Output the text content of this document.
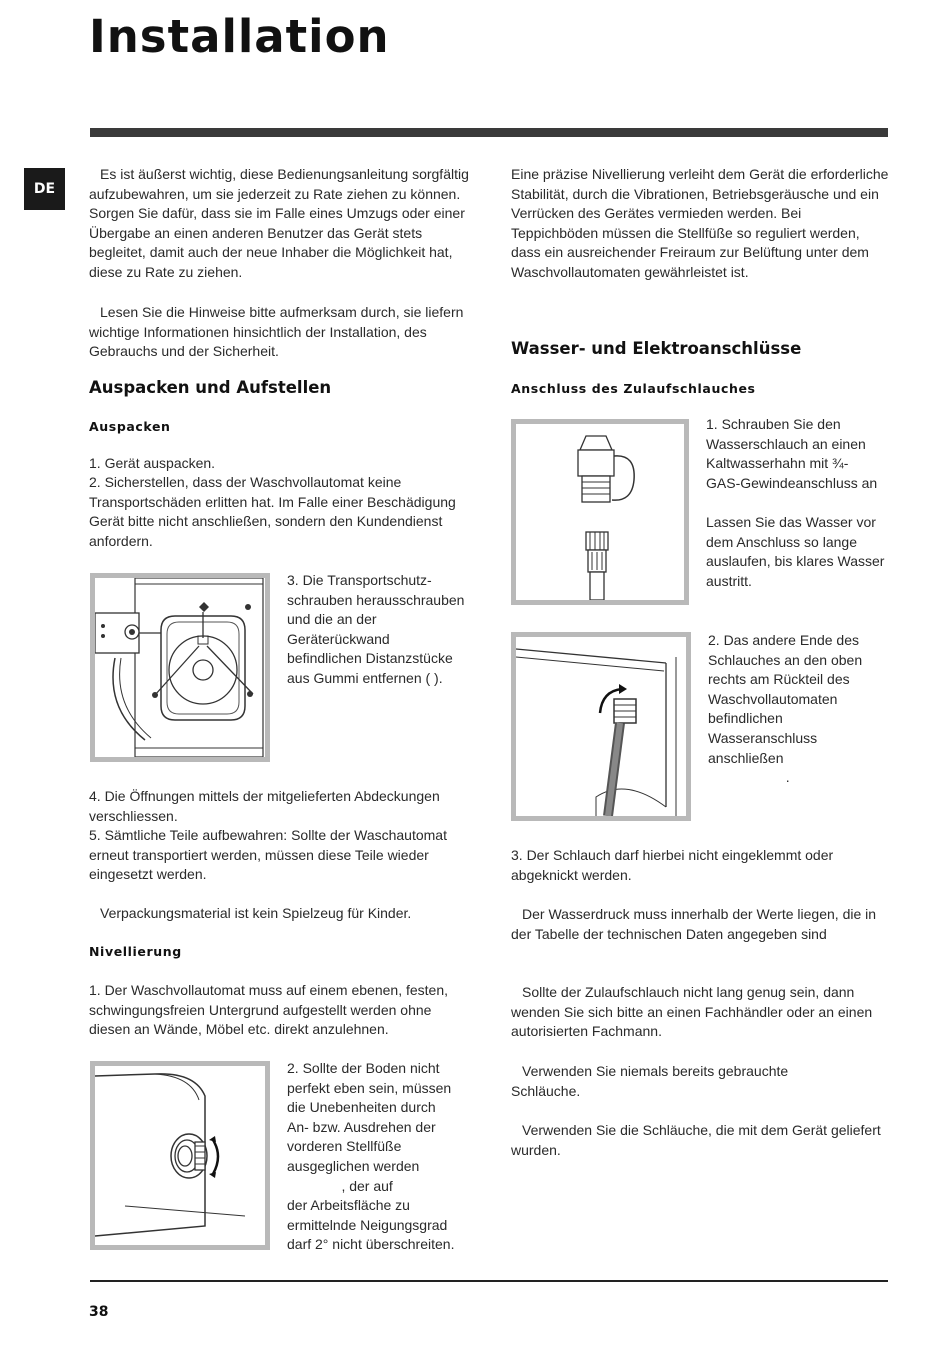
Installation
DE

Es ist äußerst wichtig, diese Bedienungsanleitung sorgfältig aufzubewahren, um sie jederzeit zu Rate ziehen zu können. Sorgen Sie dafür, dass sie im Falle eines Umzugs oder einer Übergabe an einen anderen Benutzer das Gerät stets begleitet, damit auch der neue Inhaber die Möglichkeit hat, diese zu Rate zu ziehen.

Lesen Sie die Hinweise bitte aufmerksam durch, sie liefern wichtige Informationen hinsichtlich der Installation, des Gebrauchs und der Sicherheit.

Auspacken und Aufstellen
Auspacken

1. Gerät auspacken.

2. Sicherstellen, dass der Waschvollautomat keine Transportschäden erlitten hat. Im Falle einer Beschädigung Gerät bitte nicht anschließen, sondern den Kundendienst anfordern.

3. Die Transportschutz-schrauben herausschrauben und die an der Geräterückwand befindlichen Distanzstücke aus Gummi entfernen ( ).

4. Die Öffnungen mittels der mitgelieferten Abdeckungen verschliessen.

5. Sämtliche Teile aufbewahren: Sollte der Waschautomat erneut transportiert werden, müssen diese Teile wieder eingesetzt werden.

Verpackungsmaterial ist kein Spielzeug für Kinder.

Nivellierung

1. Der Waschvollautomat muss auf einem ebenen, festen, schwingungsfreien Untergrund aufgestellt werden ohne diesen an Wände, Möbel etc. direkt anzulehnen.

2. Sollte der Boden nicht

perfekt eben sein, müssen

die Unebenheiten durch

An- bzw. Ausdrehen der

vorderen Stellfüße

ausgeglichen werden

, der auf

der Arbeitsfläche zu

ermittelnde Neigungsgrad

darf 2° nicht überschreiten.

Eine präzise Nivellierung verleiht dem Gerät die erforderliche Stabilität, durch die Vibrationen, Betriebsgeräusche und ein Verrücken des Gerätes vermieden werden. Bei Teppichböden müssen die Stellfüße so reguliert werden, dass ein ausreichender Freiraum zur Belüftung unter dem Waschvollautomaten gewährleistet ist.

Wasser- und Elektroanschlüsse
Anschluss des Zulaufschlauches

1. Schrauben Sie den

Wasserschlauch an einen

Kaltwasserhahn mit ¾-

GAS-Gewindeanschluss an

Lassen Sie das Wasser vor

dem Anschluss so lange

auslaufen, bis klares Wasser

austritt.

2. Das andere Ende des

Schlauches an den oben

rechts am Rückteil des

Waschvollautomaten

befindlichen

Wasseranschluss

anschließen

.

3. Der Schlauch darf hierbei nicht eingeklemmt oder abgeknickt werden.

Der Wasserdruck muss innerhalb der Werte liegen, die in der Tabelle der technischen Daten angegeben sind

Sollte der Zulaufschlauch nicht lang genug sein, dann wenden Sie sich bitte an einen Fachhändler oder an einen autorisierten Fachmann.

Verwenden Sie niemals bereits gebrauchte Schläuche.

Verwenden Sie die Schläuche, die mit dem Gerät geliefert wurden.

38
